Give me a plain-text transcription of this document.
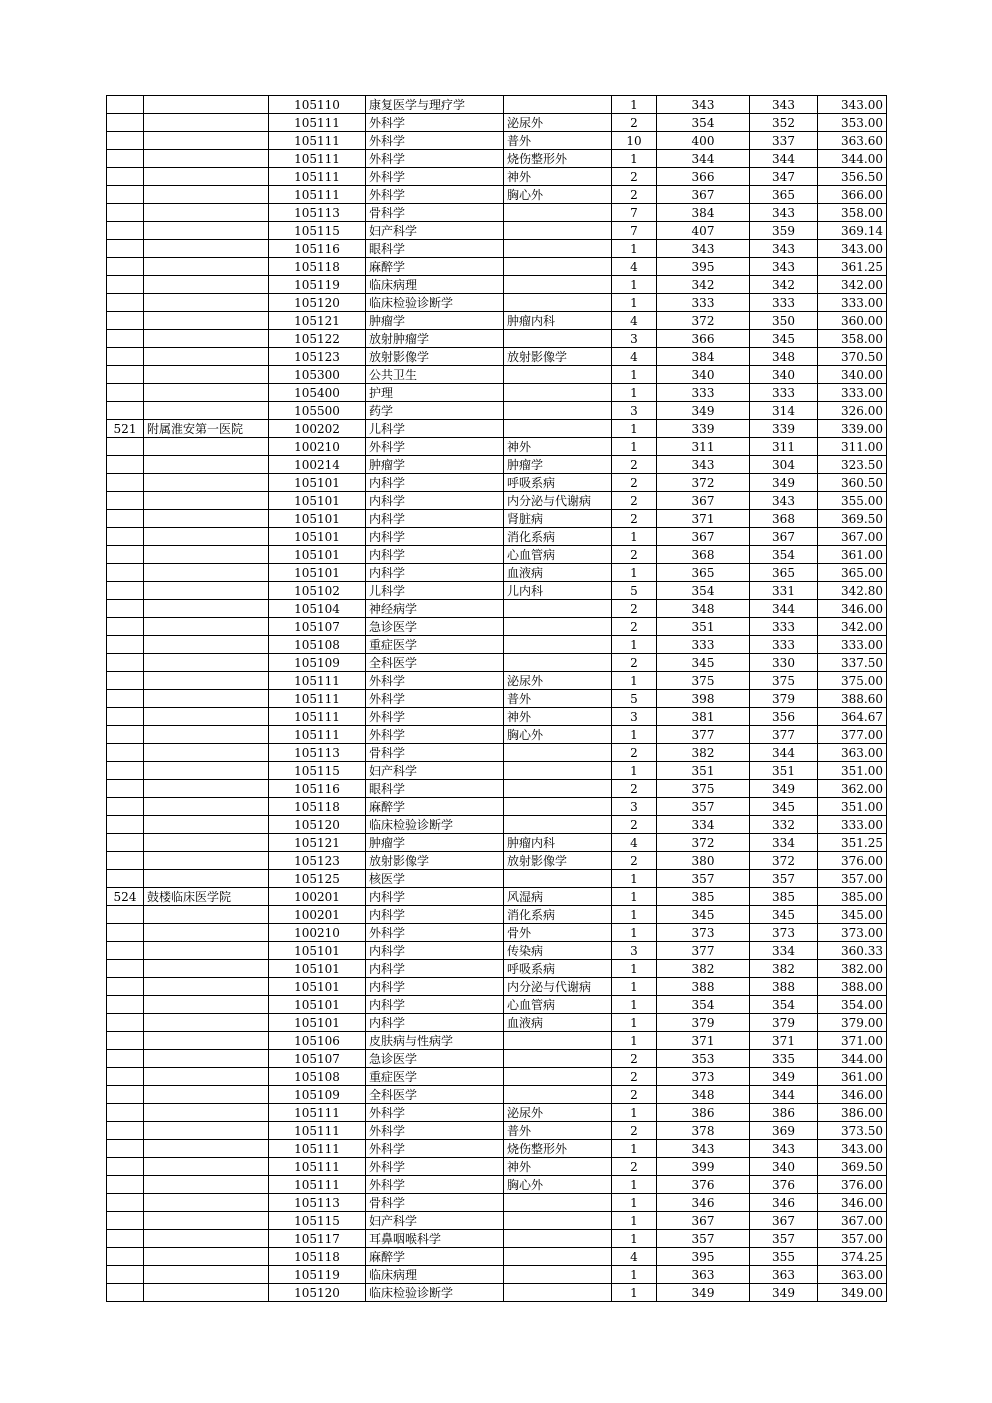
		105110	康复医学与理疗学		1	343	343	343.00
		105111	外科学	泌尿外	2	354	352	353.00
		105111	外科学	普外	10	400	337	363.60
		105111	外科学	烧伤整形外	1	344	344	344.00
		105111	外科学	神外	2	366	347	356.50
		105111	外科学	胸心外	2	367	365	366.00
		105113	骨科学		7	384	343	358.00
		105115	妇产科学		7	407	359	369.14
		105116	眼科学		1	343	343	343.00
		105118	麻醉学		4	395	343	361.25
		105119	临床病理		1	342	342	342.00
		105120	临床检验诊断学		1	333	333	333.00
		105121	肿瘤学	肿瘤内科	4	372	350	360.00
		105122	放射肿瘤学		3	366	345	358.00
		105123	放射影像学	放射影像学	4	384	348	370.50
		105300	公共卫生		1	340	340	340.00
		105400	护理		1	333	333	333.00
		105500	药学		3	349	314	326.00
521	附属淮安第一医院	100202	儿科学		1	339	339	339.00
		100210	外科学	神外	1	311	311	311.00
		100214	肿瘤学	肿瘤学	2	343	304	323.50
		105101	内科学	呼吸系病	2	372	349	360.50
		105101	内科学	内分泌与代谢病	2	367	343	355.00
		105101	内科学	肾脏病	2	371	368	369.50
		105101	内科学	消化系病	1	367	367	367.00
		105101	内科学	心血管病	2	368	354	361.00
		105101	内科学	血液病	1	365	365	365.00
		105102	儿科学	儿内科	5	354	331	342.80
		105104	神经病学		2	348	344	346.00
		105107	急诊医学		2	351	333	342.00
		105108	重症医学		1	333	333	333.00
		105109	全科医学		2	345	330	337.50
		105111	外科学	泌尿外	1	375	375	375.00
		105111	外科学	普外	5	398	379	388.60
		105111	外科学	神外	3	381	356	364.67
		105111	外科学	胸心外	1	377	377	377.00
		105113	骨科学		2	382	344	363.00
		105115	妇产科学		1	351	351	351.00
		105116	眼科学		2	375	349	362.00
		105118	麻醉学		3	357	345	351.00
		105120	临床检验诊断学		2	334	332	333.00
		105121	肿瘤学	肿瘤内科	4	372	334	351.25
		105123	放射影像学	放射影像学	2	380	372	376.00
		105125	核医学		1	357	357	357.00
524	鼓楼临床医学院	100201	内科学	风湿病	1	385	385	385.00
		100201	内科学	消化系病	1	345	345	345.00
		100210	外科学	骨外	1	373	373	373.00
		105101	内科学	传染病	3	377	334	360.33
		105101	内科学	呼吸系病	1	382	382	382.00
		105101	内科学	内分泌与代谢病	1	388	388	388.00
		105101	内科学	心血管病	1	354	354	354.00
		105101	内科学	血液病	1	379	379	379.00
		105106	皮肤病与性病学		1	371	371	371.00
		105107	急诊医学		2	353	335	344.00
		105108	重症医学		2	373	349	361.00
		105109	全科医学		2	348	344	346.00
		105111	外科学	泌尿外	1	386	386	386.00
		105111	外科学	普外	2	378	369	373.50
		105111	外科学	烧伤整形外	1	343	343	343.00
		105111	外科学	神外	2	399	340	369.50
		105111	外科学	胸心外	1	376	376	376.00
		105113	骨科学		1	346	346	346.00
		105115	妇产科学		1	367	367	367.00
		105117	耳鼻咽喉科学		1	357	357	357.00
		105118	麻醉学		4	395	355	374.25
		105119	临床病理		1	363	363	363.00
		105120	临床检验诊断学		1	349	349	349.00
